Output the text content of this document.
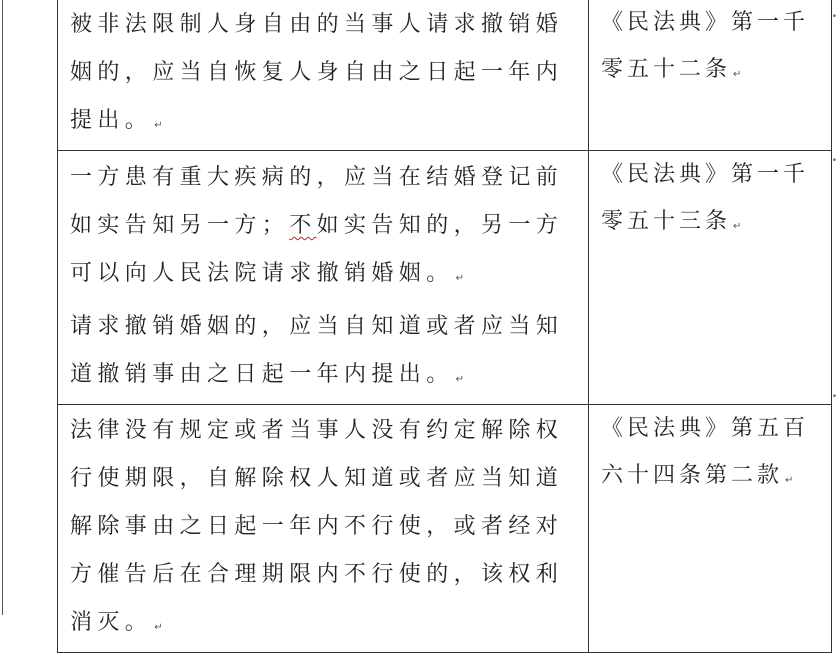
被非法限制人身自由的当事人请求撤销婚姻的，应当自恢复人身自由之日起一年内提出。 ↵	《民法典》第一千零五十二条 ↵

一方患有重大疾病的，应当在结婚登记前如实告知另一方；不如实告知的，另一方可以向人民法院请求撤销婚姻。 ↵
请求撤销婚姻的，应当自知道或者应当知道撤销事由之日起一年内提出。 ↵	《民法典》第一千零五十三条 ↵

法律没有规定或者当事人没有约定解除权行使期限，自解除权人知道或者应当知道解除事由之日起一年内不行使，或者经对方催告后在合理期限内不行使的，该权利消灭。 ↵	《民法典》第五百六十四条第二款 ↵
•
•
•
